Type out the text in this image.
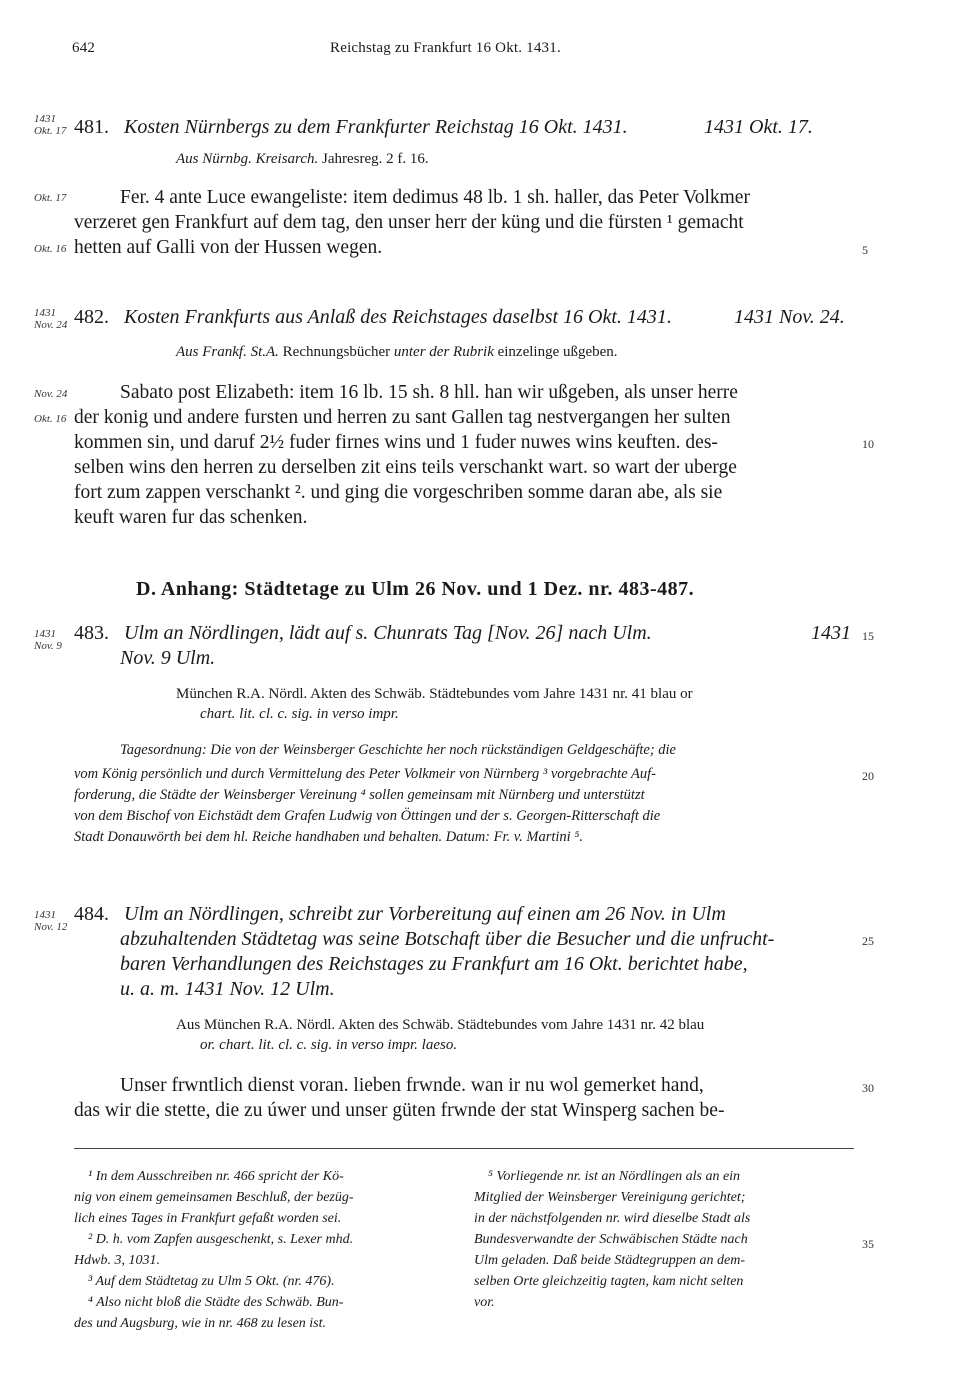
642	Reichstag zu Frankfurt 16 Okt. 1431.
1431
Okt. 17 481. Kosten Nürnbergs zu dem Frankfurter Reichstag 16 Okt. 1431.	1431 Okt. 17.
Aus Nürnbg. Kreisarch. Jahresreg. 2 f. 16.
Okt. 17
Okt. 16
Fer. 4 ante Luce ewangeliste: item dedimus 48 lb. 1 sh. haller, das Peter Volkmer
verzeret gen Frankfurt auf dem tag, den unser herr der küng und die fürsten ¹ gemacht
hetten auf Galli von der Hussen wegen.	5
1431
Nov. 24 482. Kosten Frankfurts aus Anlaß des Reichstages daselbst 16 Okt. 1431.	1431 Nov. 24.
Aus Frankf. St.A. Rechnungsbücher unter der Rubrik einzelinge ußgeben.
Nov. 24
Okt. 16
Sabato post Elizabeth: item 16 lb. 15 sh. 8 hll. han wir ußgeben, als unser herre
der konig und andere fursten und herren zu sant Gallen tag nestvergangen her sulten
kommen sin, und daruf 2½ fuder firnes wins und 1 fuder nuwes wins keuften. des-
selben wins den herren zu derselben zit eins teils verschankt wart. so wart der uberge
fort zum zappen verschankt ². und ging die vorgeschriben somme daran abe, als sie
keuft waren fur das schenken.
10
D. Anhang: Städtetage zu Ulm 26 Nov. und 1 Dez. nr. 483-487.
1431
Nov. 9
483. Ulm an Nördlingen, lädt auf s. Chunrats Tag [Nov. 26] nach Ulm.	1431
Nov. 9 Ulm.
15
München R.A. Nördl. Akten des Schwäb. Städtebundes vom Jahre 1431 nr. 41 blau or
chart. lit. cl. c. sig. in verso impr.
Tagesordnung: Die von der Weinsberger Geschichte her noch rückständigen Geldgeschäfte; die
vom König persönlich und durch Vermittelung des Peter Volkmeir von Nürnberg ³ vorgebrachte Auf-
forderung, die Städte der Weinsberger Vereinung ⁴ sollen gemeinsam mit Nürnberg und unterstützt
von dem Bischof von Eichstädt dem Grafen Ludwig von Öttingen und der s. Georgen-Ritterschaft die
Stadt Donauwörth bei dem hl. Reiche handhaben und behalten. Datum: Fr. v. Martini ⁵.
20
1431
Nov. 12
484. Ulm an Nördlingen, schreibt zur Vorbereitung auf einen am 26 Nov. in Ulm
abzuhaltenden Städtetag was seine Botschaft über die Besucher und die unfrucht-
baren Verhandlungen des Reichstages zu Frankfurt am 16 Okt. berichtet habe,
u. a. m. 1431 Nov. 12 Ulm.
25
Aus München R.A. Nördl. Akten des Schwäb. Städtebundes vom Jahre 1431 nr. 42 blau
or. chart. lit. cl. c. sig. in verso impr. laeso.
Unser frwntlich dienst voran. lieben frwnde. wan ir nu wol gemerket hand,
das wir die stette, die zu úwer und unser güten frwnde der stat Winsperg sachen be-
30
¹ In dem Ausschreiben nr. 466 spricht der Kö-
nig von einem gemeinsamen Beschluß, der bezüg-
lich eines Tages in Frankfurt gefaßt worden sei.
² D. h. vom Zapfen ausgeschenkt, s. Lexer mhd.
Hdwb. 3, 1031.
³ Auf dem Städtetag zu Ulm 5 Okt. (nr. 476).
⁴ Also nicht bloß die Städte des Schwäb. Bun-
des und Augsburg, wie in nr. 468 zu lesen ist.
⁵ Vorliegende nr. ist an Nördlingen als an ein
Mitglied der Weinsberger Vereinigung gerichtet;
in der nächstfolgenden nr. wird dieselbe Stadt als
Bundesverwandte der Schwäbischen Städte nach
Ulm geladen. Daß beide Städtegruppen an dem-
selben Orte gleichzeitig tagten, kam nicht selten
vor.
35
